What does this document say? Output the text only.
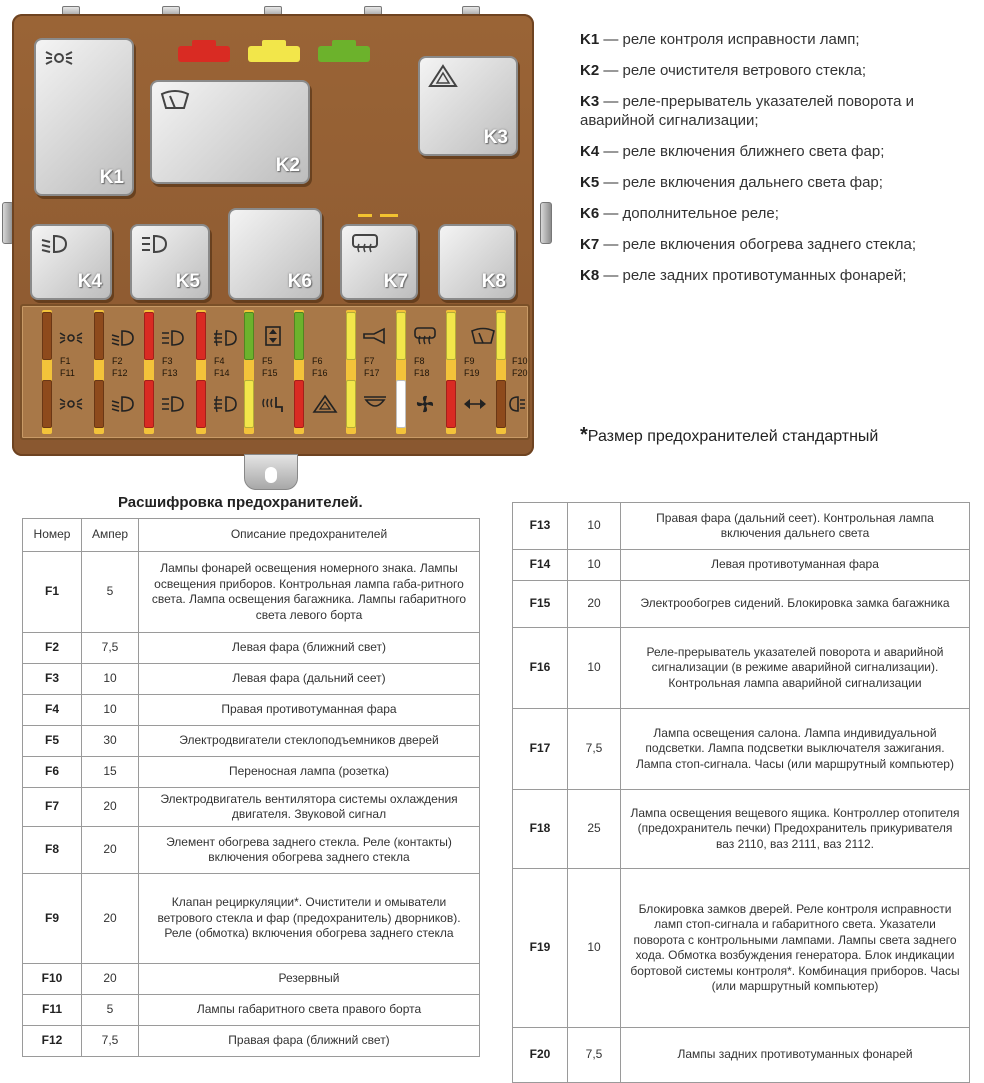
K1
K2
K3
K4	K5	K6	K7	K8
F1
F11
F2
F12
F3
F13
F4
F14
F5
F15
F6
F16
F7
F17
F8
F18
F9
F19
F10
F20
K1 — реле контроля исправности ламп;
K2 — реле очистителя ветрового стекла;
K3 — реле-прерыватель указателей поворота и аварийной сигнализации;
K4 — реле включения ближнего света фар;
K5 — реле включения дальнего света фар;
K6 — дополнительное реле;
K7 — реле включения обогрева заднего стекла;
K8 — реле задних противотуманных фонарей;
*Размер предохранителей стандартный
Расшифровка предохранителей.
Номер	Ампер	Описание предохранителей
F1	5	Лампы фонарей освещения номерного знака. Лампы освещения приборов. Контрольная лампа габа-ритного света. Лампа освещения багажника. Лампы габаритного света левого борта
F2	7,5	Левая фара (ближний свет)
F3	10	Левая фара (дальний сеет)
F4	10	Правая противотуманная фара
F5	30	Электродвигатели стеклоподъемников дверей
F6	15	Переносная лампа (розетка)
F7	20	Электродвигатель вентилятора системы охлаждения двигателя. Звуковой сигнал
F8	20	Элемент обогрева заднего стекла. Реле (контакты) включения обогрева заднего стекла
F9	20	Клапан рециркуляции*. Очистители и омыватели ветрового стекла и фар (предохранитель) дворников). Реле (обмотка) включения обогрева заднего стекла
F10	20	Резервный
F11	5	Лампы габаритного света правого борта
F12	7,5	Правая фара (ближний свет)
F13	10	Правая фара (дальний сеет). Контрольная лампа включения дальнего света
F14	10	Левая противотуманная фара
F15	20	Электрообогрев сидений. Блокировка замка багажника
F16	10	Реле-прерыватель указателей поворота и аварийной сигнализации (в режиме аварийной сигнализации). Контрольная лампа аварийной сигнализации
F17	7,5	Лампа освещения салона. Лампа индивидуальной подсветки. Лампа подсветки выключателя зажигания. Лампа стоп-сигнала. Часы (или маршрутный компьютер)
F18	25	Лампа освещения вещевого ящика. Контроллер отопителя (предохранитель печки) Предохранитель прикуривателя ваз 2110, ваз 2111, ваз 2112.
F19	10	Блокировка замков дверей. Реле контроля исправности ламп стоп-сигнала и габаритного света. Указатели поворота с контрольными лампами. Лампы света заднего хода. Обмотка возбуждения генератора. Блок индикации бортовой системы контроля*. Комбинация приборов. Часы (или маршрутный компьютер)
F20	7,5	Лампы задних противотуманных фонарей
